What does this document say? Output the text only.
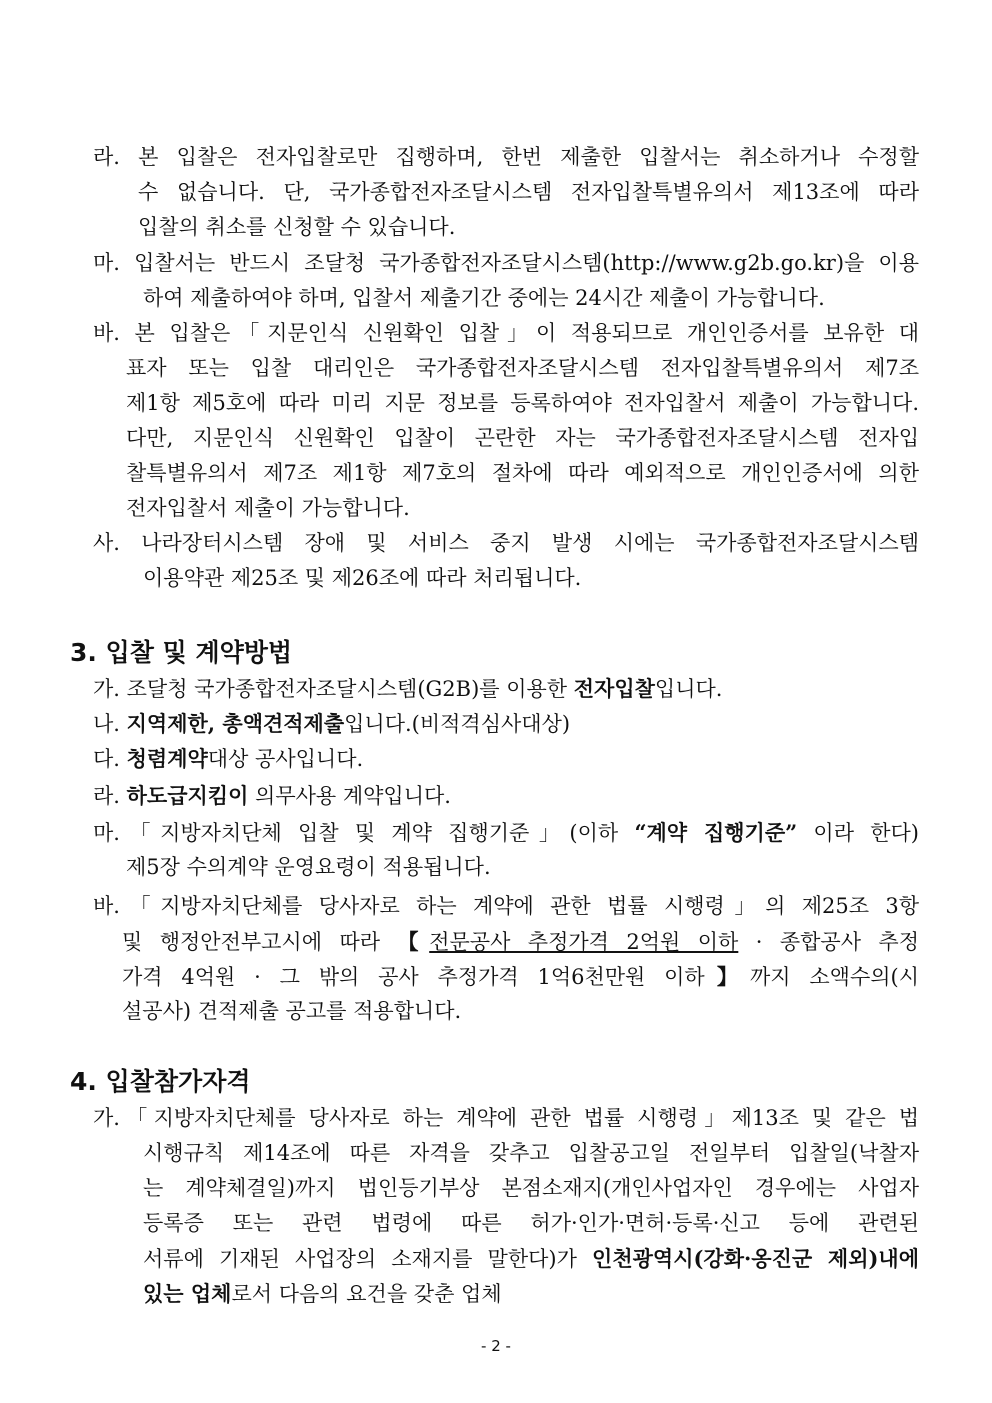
라. 본 입찰은 전자입찰로만 집행하며, 한번 제출한 입찰서는 취소하거나 수정할
수 없습니다. 단, 국가종합전자조달시스템 전자입찰특별유의서 제13조에 따라
입찰의 취소를 신청할 수 있습니다.
마. 입찰서는 반드시 조달청 국가종합전자조달시스템(http://www.g2b.go.kr)을 이용
하여 제출하여야 하며, 입찰서 제출기간 중에는 24시간 제출이 가능합니다.
바. 본 입찰은「지문인식 신원확인 입찰」이 적용되므로 개인인증서를 보유한 대
표자 또는 입찰 대리인은 국가종합전자조달시스템 전자입찰특별유의서 제7조
제1항 제5호에 따라 미리 지문 정보를 등록하여야 전자입찰서 제출이 가능합니다.
다만, 지문인식 신원확인 입찰이 곤란한 자는 국가종합전자조달시스템 전자입
찰특별유의서 제7조 제1항 제7호의 절차에 따라 예외적으로 개인인증서에 의한
전자입찰서 제출이 가능합니다.
사. 나라장터시스템 장애 및 서비스 중지 발생 시에는 국가종합전자조달시스템
이용약관 제25조 및 제26조에 따라 처리됩니다.
3. 입찰 및 계약방법
가. 조달청 국가종합전자조달시스템(G2B)를 이용한 전자입찰입니다.
나. 지역제한, 총액견적제출입니다.(비적격심사대상)
다. 청렴계약대상 공사입니다.
라. 하도급지킴이 의무사용 계약입니다.
마.「지방자치단체 입찰 및 계약 집행기준」(이하 “계약 집행기준” 이라 한다)
제5장 수의계약 운영요령이 적용됩니다.
바.「지방자치단체를 당사자로 하는 계약에 관한 법률 시행령」의 제25조 3항
및 행정안전부고시에 따라 【전문공사 추정가격 2억원 이하 · 종합공사 추정
가격 4억원 · 그 밖의 공사 추정가격 1억6천만원 이하】까지 소액수의(시
설공사) 견적제출 공고를 적용합니다.
4. 입찰참가자격
가.「지방자치단체를 당사자로 하는 계약에 관한 법률 시행령」제13조 및 같은 법
시행규칙 제14조에 따른 자격을 갖추고 입찰공고일 전일부터 입찰일(낙찰자
는 계약체결일)까지 법인등기부상 본점소재지(개인사업자인 경우에는 사업자
등록증 또는 관련 법령에 따른 허가·인가·면허·등록·신고 등에 관련된
서류에 기재된 사업장의 소재지를 말한다)가 인천광역시(강화·옹진군 제외)내에
있는 업체로서 다음의 요건을 갖춘 업체
- 2 -
